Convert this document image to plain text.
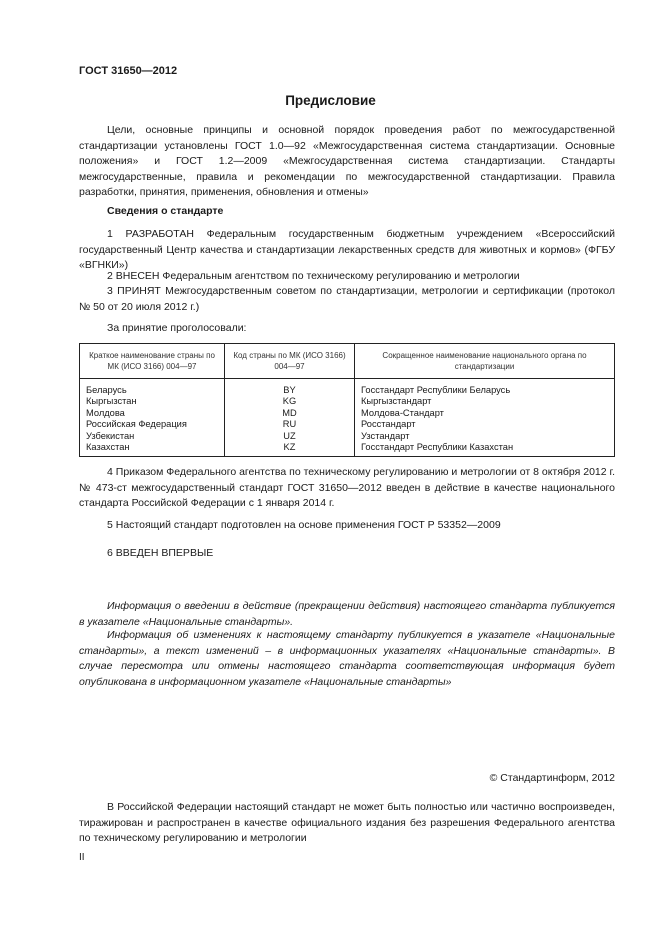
ГОСТ 31650—2012

Предисловие

Цели, основные принципы и основной порядок проведения работ по межгосударственной стандартизации установлены ГОСТ 1.0—92 «Межгосударственная система стандартизации. Основные положения» и ГОСТ 1.2—2009 «Межгосударственная система стандартизации. Стандарты межгосударственные, правила и рекомендации по межгосударственной стандартизации. Правила разработки, принятия, применения, обновления и отмены»

Сведения о стандарте

1 РАЗРАБОТАН Федеральным государственным бюджетным учреждением «Всероссийский государственный Центр качества и стандартизации лекарственных средств для животных и кормов» (ФГБУ «ВГНКИ»)

2 ВНЕСЕН Федеральным агентством по техническому регулированию и метрологии

3 ПРИНЯТ Межгосударственным советом по стандартизации, метрологии и сертификации (протокол № 50 от 20 июля 2012 г.)

За принятие проголосовали:

Краткое наименование страны по МК (ИСО 3166) 004—97	Код страны по МК (ИСО 3166) 004—97	Сокращенное наименование национального органа по стандартизации
Беларусь	BY	Госстандарт Республики Беларусь
Кыргызстан	KG	Кыргызстандарт
Молдова	MD	Молдова-Стандарт
Российская Федерация	RU	Росстандарт
Узбекистан	UZ	Узстандарт
Казахстан	KZ	Госстандарт Республики Казахстан

4 Приказом Федерального агентства по техническому регулированию и метрологии от 8 октября 2012 г. № 473-ст межгосударственный стандарт ГОСТ 31650—2012 введен в действие в качестве национального стандарта Российской Федерации с 1 января 2014 г.

5 Настоящий стандарт подготовлен на основе применения ГОСТ Р 53352—2009

6 ВВЕДЕН ВПЕРВЫЕ

Информация о введении в действие (прекращении действия) настоящего стандарта публикуется в указателе «Национальные стандарты».

Информация об изменениях к настоящему стандарту публикуется в указателе «Национальные стандарты», а текст изменений – в информационных указателях «Национальные стандарты». В случае пересмотра или отмены настоящего стандарта соответствующая информация будет опубликована в информационном указателе «Национальные стандарты»

© Стандартинформ, 2012

В Российской Федерации настоящий стандарт не может быть полностью или частично воспроизведен, тиражирован и распространен в качестве официального издания без разрешения Федерального агентства по техническому регулированию и метрологии

II
